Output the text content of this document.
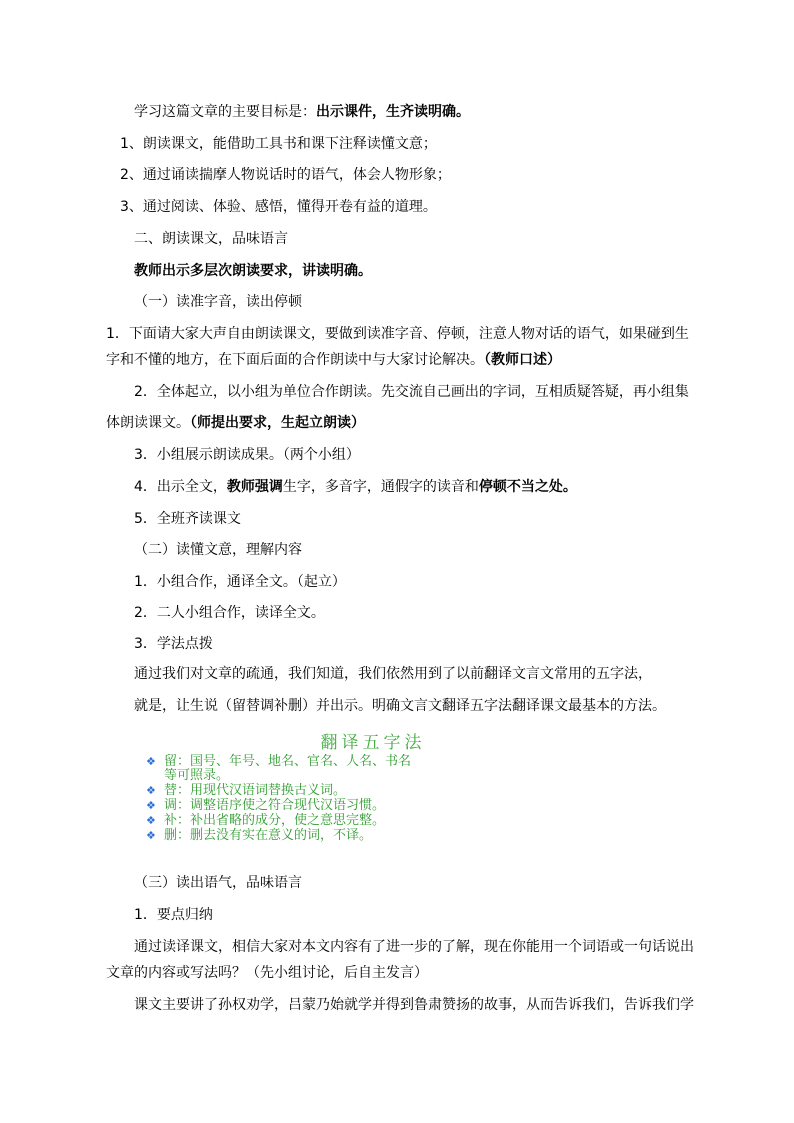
学习这篇文章的主要目标是：出示课件，生齐读明确。
1、朗读课文，能借助工具书和课下注释读懂文意；
2、通过诵读揣摩人物说话时的语气，体会人物形象；
3、通过阅读、体验、感悟，懂得开卷有益的道理。
二、朗读课文，品味语言
教师出示多层次朗读要求，讲读明确。
（一）读准字音，读出停顿
1．下面请大家大声自由朗读课文，要做到读准字音、停顿，注意人物对话的语气，如果碰到生
字和不懂的地方，在下面后面的合作朗读中与大家讨论解决。（教师口述）
2．全体起立，以小组为单位合作朗读。先交流自己画出的字词，互相质疑答疑，再小组集
体朗读课文。（师提出要求，生起立朗读）
3．小组展示朗读成果。（两个小组）
4．出示全文，教师强调生字，多音字，通假字的读音和停顿不当之处。
5．全班齐读课文
（二）读懂文意，理解内容
1．小组合作，通译全文。（起立）
2．二人小组合作，读译全文。
3．学法点拨
通过我们对文章的疏通，我们知道，我们依然用到了以前翻译文言文常用的五字法，
就是，让生说（留替调补删）并出示。明确文言文翻译五字法翻译课文最基本的方法。
翻译五字法
❖ 留：国号、年号、地名、官名、人名、书名
等可照录。
❖ 替：用现代汉语词替换古义词。
❖ 调：调整语序使之符合现代汉语习惯。
❖ 补：补出省略的成分，使之意思完整。
❖ 删：删去没有实在意义的词，不译。
（三）读出语气，品味语言
1．要点归纳
通过读译课文，相信大家对本文内容有了进一步的了解，现在你能用一个词语或一句话说出
文章的内容或写法吗？（先小组讨论，后自主发言）
课文主要讲了孙权劝学，吕蒙乃始就学并得到鲁肃赞扬的故事，从而告诉我们，告诉我们学
